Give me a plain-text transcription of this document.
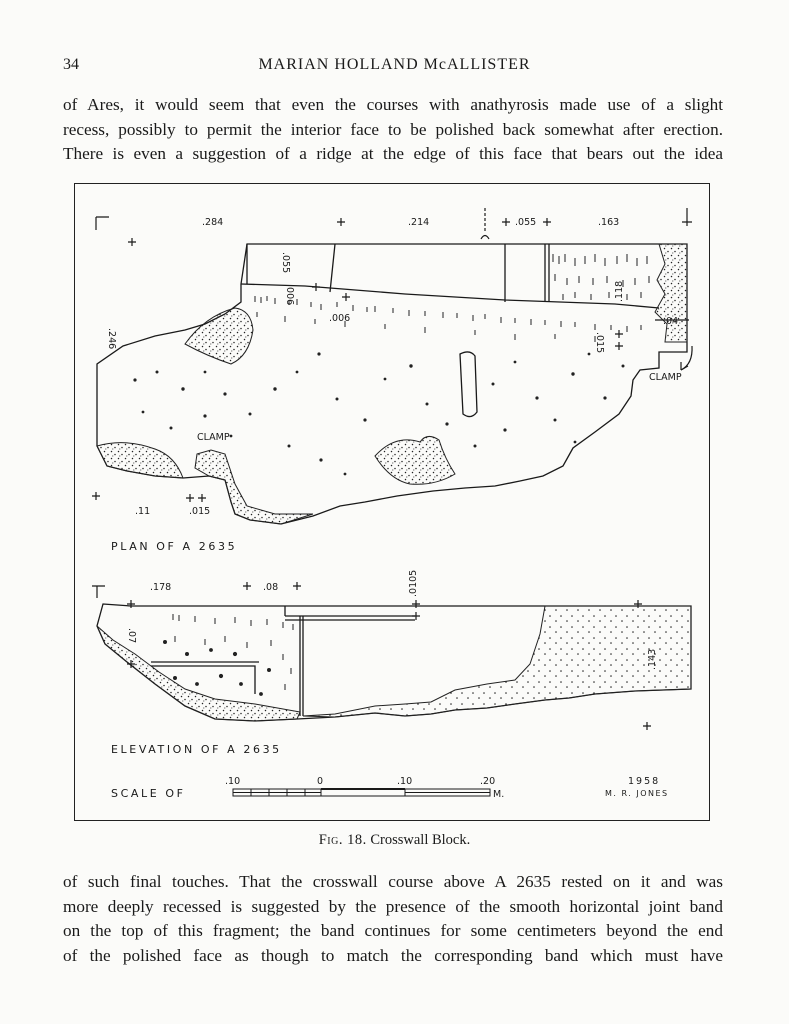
34	MARIAN HOLLAND McALLISTER

of Ares, it would seem that even the courses with anathyrosis made use of a slight
recess, possibly to permit the interior face to be polished back somewhat after erection.
There is even a suggestion of a ridge at the edge of this face that bears out the idea

.284	.214	.055	.163
.055
.006
.006
.118
.015
.04
.246
.11	.015
CLAMP
CLAMP
.178	.08	.0105
.07
.143
PLAN OF A 2635
ELEVATION OF A 2635
SCALE OF	M.
.10	0	.10	.20	1958
M. R. JONES
Fig. 18. Crosswall Block.

of such final touches. That the crosswall course above A 2635 rested on it and was
more deeply recessed is suggested by the presence of the smooth horizontal joint band
on the top of this fragment; the band continues for some centimeters beyond the end
of the polished face as though to match the corresponding band which must have
